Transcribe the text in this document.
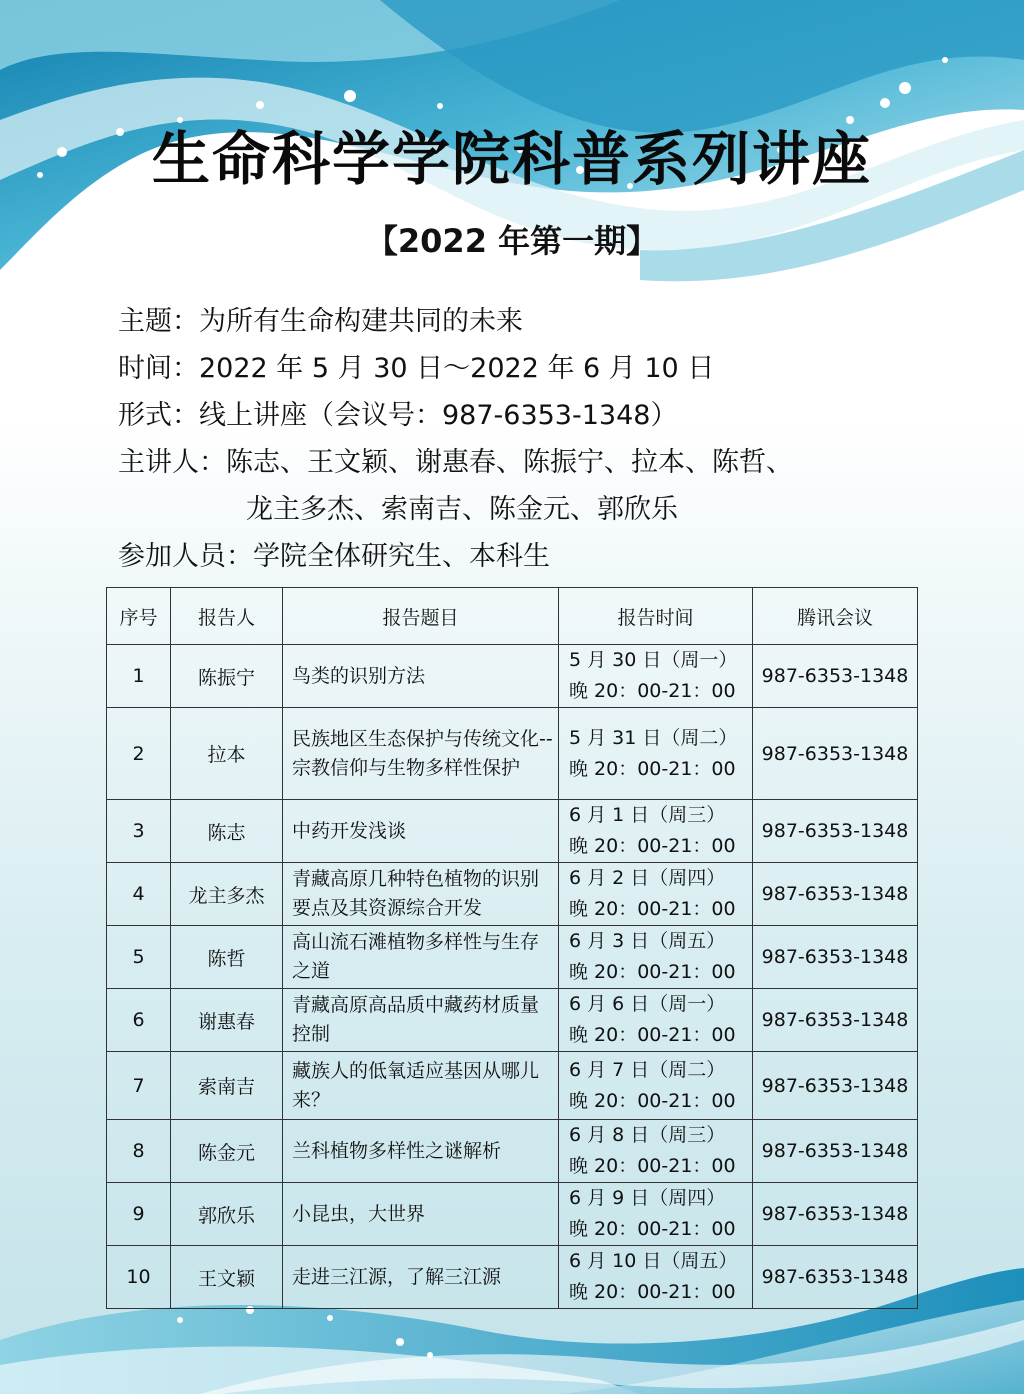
生命科学学院科普系列讲座
【2022 年第一期】
主题：为所有生命构建共同的未来
时间：2022 年 5 月 30 日～2022 年 6 月 10 日
形式：线上讲座（会议号：987-6353-1348）
主讲人：陈志、王文颖、谢惠春、陈振宁、拉本、陈哲、
龙主多杰、索南吉、陈金元、郭欣乐
参加人员：学院全体研究生、本科生
序号	报告人	报告题目	报告时间	腾讯会议
1	陈振宁	鸟类的识别方法	5 月 30 日（周一）
晚 20：00-21：00	987-6353-1348
2	拉本	民族地区生态保护与传统文化--宗教信仰与生物多样性保护	5 月 31 日（周二）
晚 20：00-21：00	987-6353-1348
3	陈志	中药开发浅谈	6 月 1 日（周三）
晚 20：00-21：00	987-6353-1348
4	龙主多杰	青藏高原几种特色植物的识别要点及其资源综合开发	6 月 2 日（周四）
晚 20：00-21：00	987-6353-1348
5	陈哲	高山流石滩植物多样性与生存之道	6 月 3 日（周五）
晚 20：00-21：00	987-6353-1348
6	谢惠春	青藏高原高品质中藏药材质量控制	6 月 6 日（周一）
晚 20：00-21：00	987-6353-1348
7	索南吉	藏族人的低氧适应基因从哪儿来？	6 月 7 日（周二）
晚 20：00-21：00	987-6353-1348
8	陈金元	兰科植物多样性之谜解析	6 月 8 日（周三）
晚 20：00-21：00	987-6353-1348
9	郭欣乐	小昆虫，大世界	6 月 9 日（周四）
晚 20：00-21：00	987-6353-1348
10	王文颖	走进三江源，了解三江源	6 月 10 日（周五）
晚 20：00-21：00	987-6353-1348
